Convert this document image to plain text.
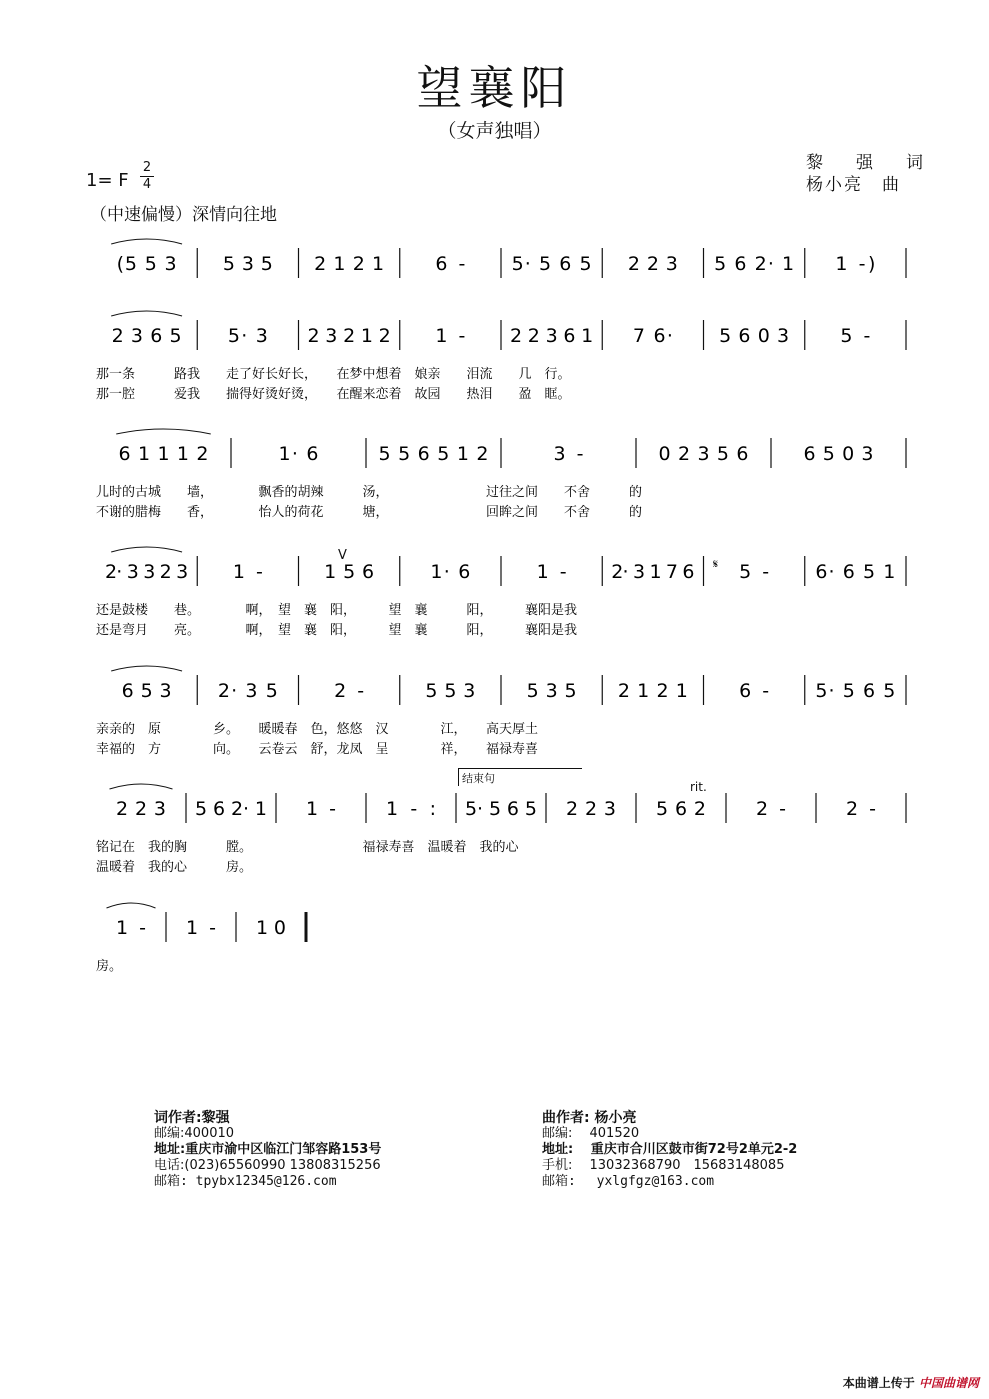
望襄阳
（女声独唱）
黎　强　词
杨小亮　曲
1= F
2
4
（中速偏慢）深情向往地
(5 5 3 5 3 5 2 1 2 1	6 - 5· 5 6 5 2 2 3 5 6 2· 1 1 -)
2 3 6 5 5· 3 2 3 2 1 2 1 - 2 2 3 6 1 7 6· 5 6 0 3	5 -
那一条　　　路我　　走了好长好长，　　在梦中想着　娘亲　　泪流　　几　行。
那一腔　　　爱我　　揣得好烫好烫，　　在醒来恋着　故园　　热泪　　盈　眶。
6 1 1 1 2	1· 6	5 5 6 5 1 2	3 -	0 2 3 5 6	6 5 0 3
儿时的古城　　墙，　　　　飘香的胡辣　　　汤，　　　　　　　　过往之间　　不舍　　　的
不谢的腊梅　　香，　　　　怡人的荷花　　　塘，　　　　　　　　回眸之间　　不舍　　　的
2· 3 3 2 3 1 -	1 5 6	1· 6	1 - 2· 3 1 7 6 5 - 6· 6 5 1
还是鼓楼　　巷。　　　　啊，　望　襄　阳，　　　望　襄　　　阳，　　　襄阳是我
还是弯月　　亮。　　　　啊，　望　襄　阳，　　　望　襄　　　阳，　　　襄阳是我
6 5 3 2· 3 5	2 -	5 5 3	5 3 5 2 1 2 1	6 - 5· 5 6 5
亲亲的　原　　　　乡。　　暖暖春　色，悠悠　汉　　　　江，　　高天厚土
幸福的　方　　　　向。　　云卷云　舒，龙凤　呈　　　　祥，　　福禄寿喜
2 2 3 5 6 2· 1 1 -	1 - : 5· 5 6 5 2 2 3 5 6 2	2 -	2 -
铭记在　我的胸　　　膛。　　　　　　　　　福禄寿喜　温暖着　我的心
温暖着　我的心　　　房。
1 - 1 - 1 0
房。
结束句
rit.
V
𝄋
词作者:黎强
邮编:400010
地址:重庆市渝中区临江门邹容路153号
电话:(023)65560990 13808315256
邮箱: tpybx12345@126.com
曲作者: 杨小亮
邮编:　 401520
地址:　 重庆市合川区鼓市街72号2单元2-2
手机:　 13032368790　15683148085
邮箱:　 yxlgfgz@163.com
本曲谱上传于 中国曲谱网
